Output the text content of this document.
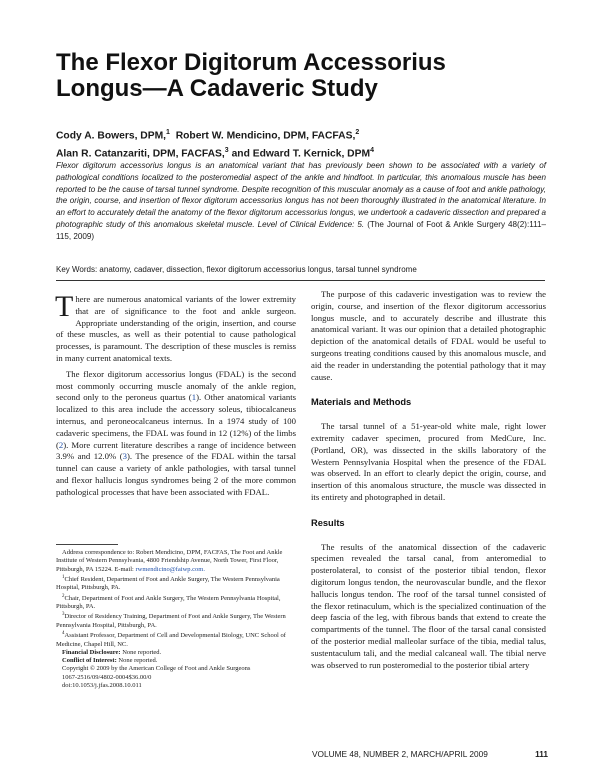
The Flexor Digitorum Accessorius
Longus—A Cadaveric Study
Cody A. Bowers, DPM,$^1$ Robert W. Mendicino, DPM, FACFAS,$^2$
Alan R. Catanzariti, DPM, FACFAS,$^3$ and Edward T. Kernick, DPM$^4$
Flexor digitorum accessorius longus is an anatomical variant that has previously been shown to be associated with a variety of pathological conditions localized to the posteromedial aspect of the ankle and hindfoot. In particular, this anomalous muscle has been reported to be the cause of tarsal tunnel syndrome. Despite recognition of this muscular anomaly as a cause of foot and ankle pathology, the origin, course, and insertion of flexor digitorum accessorius longus has not been thoroughly illustrated in the anatomical literature. In an effort to accurately detail the anatomy of the flexor digitorum accessorius longus, we undertook a cadaveric dissection and prepared a photographic study of this anomalous skeletal muscle. Level of Clinical Evidence: 5. (The Journal of Foot & Ankle Surgery 48(2):111–115, 2009)
Key Words: anatomy, cadaver, dissection, flexor digitorum accessorius longus, tarsal tunnel syndrome

There are numerous anatomical variants of the lower extremity that are of significance to the foot and ankle surgeon. Appropriate understanding of the origin, insertion, and course of these muscles, as well as their potential to cause pathological processes, is paramount. The description of these muscles is remiss in many current anatomical texts.

The flexor digitorum accessorius longus (FDAL) is the second most commonly occurring muscle anomaly of the ankle region, second only to the peroneus quartus (1). Other anatomical variants localized to this area include the accessory soleus, tibiocalcaneus internus, and peroneocalcaneus internus. In a 1974 study of 100 cadaveric specimens, the FDAL was found in 12 (12%) of the limbs (2). More current literature describes a range of incidence between 3.9% and 12.0% (3). The presence of the FDAL within the tarsal tunnel can cause a variety of ankle pathologies, with tarsal tunnel and flexor hallucis longus syndromes being 2 of the more common pathological processes that have been associated with FDAL.

Address correspondence to: Robert Mendicino, DPM, FACFAS, The Foot and Ankle Institute of Western Pennsylvania, 4800 Friendship Avenue, North Tower, First Floor, Pittsburgh, PA 15224. E-mail: rwmendicino@faiwp.com.

$^1$Chief Resident, Department of Foot and Ankle Surgery, The Western Pennsylvania Hospital, Pittsburgh, PA.

$^2$Chair, Department of Foot and Ankle Surgery, The Western Pennsylvania Hospital, Pittsburgh, PA.

$^3$Director of Residency Training, Department of Foot and Ankle Surgery, The Western Pennsylvania Hospital, Pittsburgh, PA.

$^4$Assistant Professor, Department of Cell and Developmental Biology, UNC School of Medicine, Chapel Hill, NC.

Financial Disclosure: None reported.

Conflict of Interest: None reported.

Copyright © 2009 by the American College of Foot and Ankle Surgeons

1067-2516/09/4802-0004$36.00/0

doi:10.1053/j.jfas.2008.10.011

The purpose of this cadaveric investigation was to review the origin, course, and insertion of the flexor digitorum accessorius longus muscle, and to accurately describe and illustrate this anatomical variant. It was our opinion that a detailed photographic depiction of the anatomical details of FDAL would be useful to surgeons treating conditions caused by this anomalous muscle, and aid the reader in understanding the potential pathology that it may cause.

Materials and Methods

The tarsal tunnel of a 51-year-old white male, right lower extremity cadaver specimen, procured from MedCure, Inc. (Portland, OR), was dissected in the skills laboratory of the Western Pennsylvania Hospital when the presence of the FDAL was observed. In an effort to clearly depict the origin, course, and insertion of this anomalous structure, the muscle was dissected in its entirety and photographed in detail.

Results

The results of the anatomical dissection of the cadaveric specimen revealed the tarsal canal, from anteromedial to posterolateral, to consist of the posterior tibial tendon, flexor digitorum longus tendon, the neurovascular bundle, and the flexor hallucis longus tendon. The roof of the tarsal tunnel consisted of the flexor retinaculum, which is the specialized continuation of the deep fascia of the leg, with fibrous bands that extend to create the compartments of the tunnel. The floor of the tarsal canal consisted of the posterior medial malleolar surface of the tibia, medial talus, sustentaculum tali, and the medial calcaneal wall. The tibial nerve was observed to run posteromedial to the posterior tibial artery

VOLUME 48, NUMBER 2, MARCH/APRIL 2009	111
